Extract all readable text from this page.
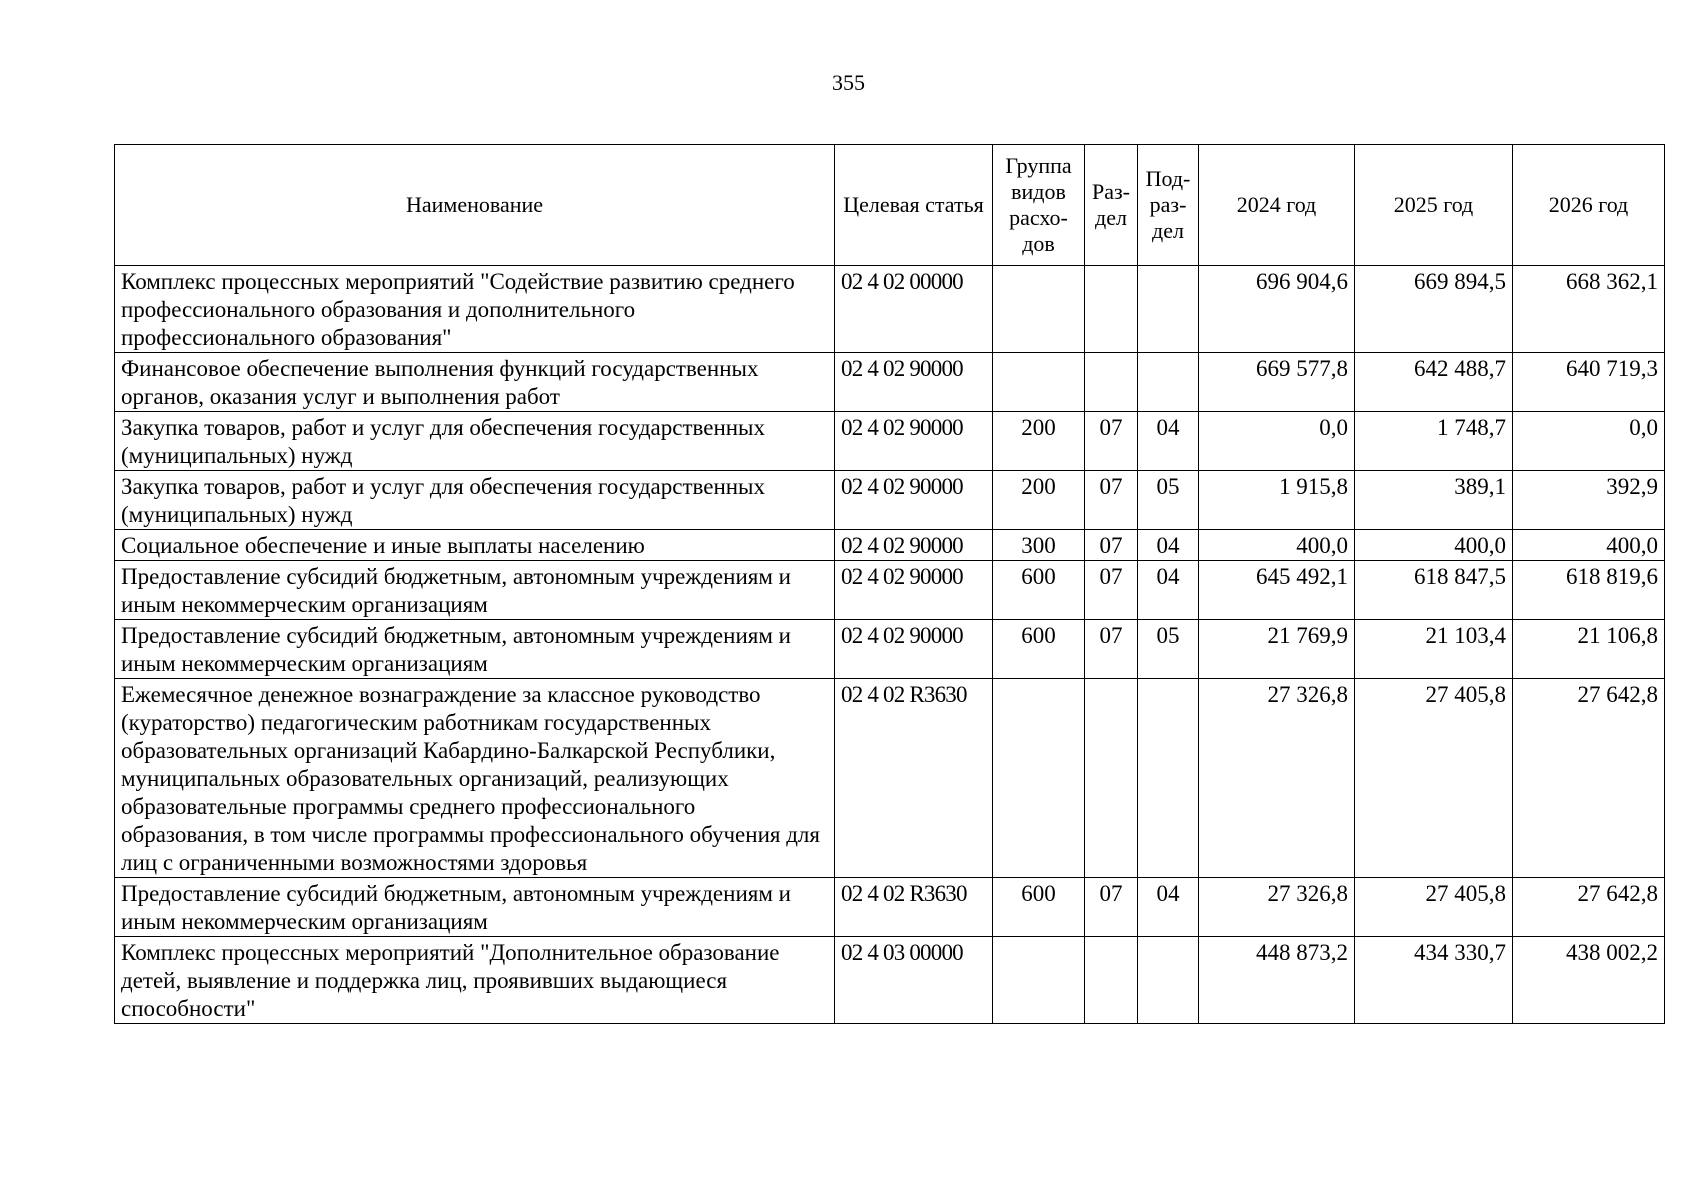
355
Наименование	Целевая статья	Группа видов расхо- дов	Раз- дел	Под- раз- дел	2024 год	2025 год	2026 год
Комплекс процессных мероприятий "Содействие развитию среднего профессионального образования и дополнительного профессионального образования"	02 4 02 00000				696 904,6	669 894,5	668 362,1
Финансовое обеспечение выполнения функций государственных органов, оказания услуг и выполнения работ	02 4 02 90000				669 577,8	642 488,7	640 719,3
Закупка товаров, работ и услуг для обеспечения государственных (муниципальных) нужд	02 4 02 90000	200	07	04	0,0	1 748,7	0,0
Закупка товаров, работ и услуг для обеспечения государственных (муниципальных) нужд	02 4 02 90000	200	07	05	1 915,8	389,1	392,9
Социальное обеспечение и иные выплаты населению	02 4 02 90000	300	07	04	400,0	400,0	400,0
Предоставление субсидий бюджетным, автономным учреждениям и иным некоммерческим организациям	02 4 02 90000	600	07	04	645 492,1	618 847,5	618 819,6
Предоставление субсидий бюджетным, автономным учреждениям и иным некоммерческим организациям	02 4 02 90000	600	07	05	21 769,9	21 103,4	21 106,8
Ежемесячное денежное вознаграждение за классное руководство (кураторство) педагогическим работникам государственных образовательных организаций Кабардино-Балкарской Республики, муниципальных образовательных организаций, реализующих образовательные программы среднего профессионального образования, в том числе программы профессионального обучения для лиц с ограниченными возможностями здоровья	02 4 02 R3630				27 326,8	27 405,8	27 642,8
Предоставление субсидий бюджетным, автономным учреждениям и иным некоммерческим организациям	02 4 02 R3630	600	07	04	27 326,8	27 405,8	27 642,8
Комплекс процессных мероприятий "Дополнительное образование детей, выявление и поддержка лиц, проявивших выдающиеся способности"	02 4 03 00000				448 873,2	434 330,7	438 002,2
